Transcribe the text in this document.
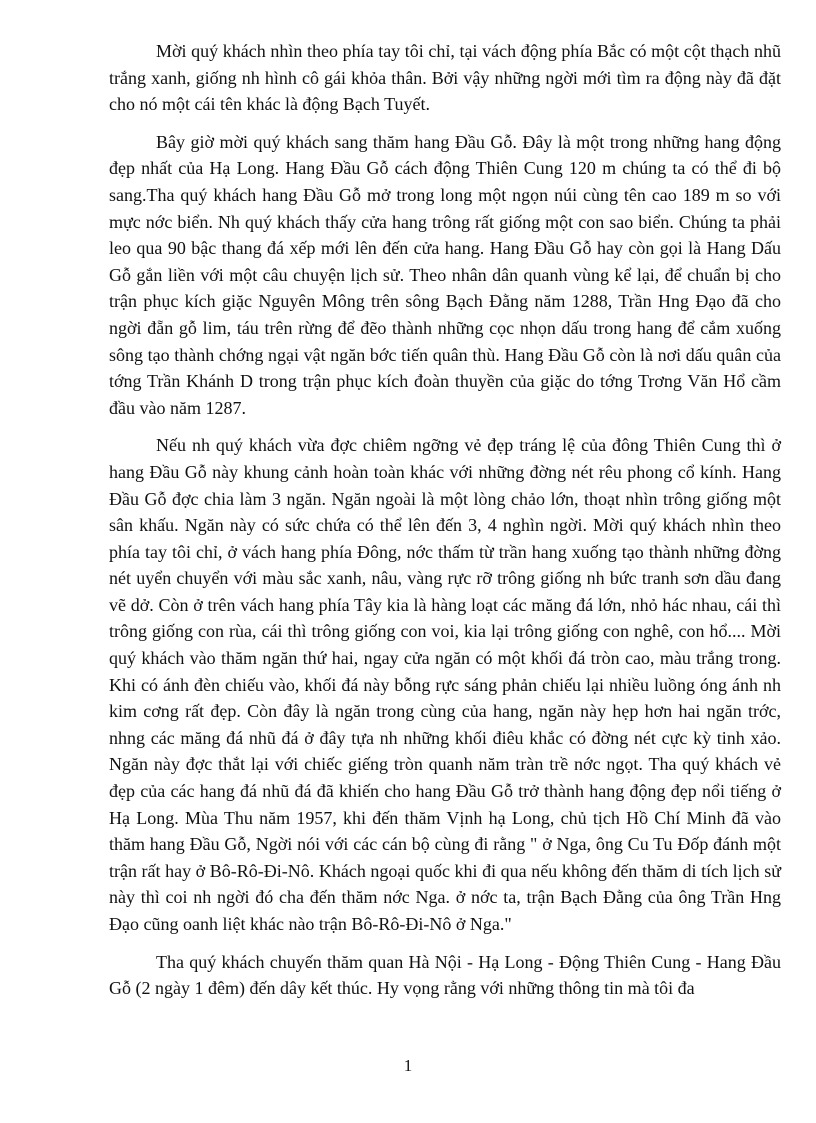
Mời quý khách nhìn theo phía tay tôi chỉ, tại vách động phía Bắc có một cột thạch nhũ trắng xanh, giống nh hình cô gái khỏa thân. Bởi vậy những ngời mới tìm ra động này đã đặt cho nó một cái tên khác là động Bạch Tuyết.

Bây giờ mời quý khách sang thăm hang Đầu Gỗ. Đây là một trong những hang động đẹp nhất của Hạ Long. Hang Đầu Gỗ cách động Thiên Cung 120 m chúng ta có thể đi bộ sang.Tha quý khách hang Đầu Gỗ mở trong long một ngọn núi cùng tên cao 189 m so với mực nớc biển. Nh quý khách thấy cửa hang trông rất giống một con sao biển. Chúng ta phải leo qua 90 bậc thang đá xếp mới lên đến cửa hang. Hang Đầu Gỗ hay còn gọi là Hang Dấu Gỗ gắn liền với một câu chuyện lịch sử. Theo nhân dân quanh vùng kể lại, để chuẩn bị cho trận phục kích giặc Nguyên Mông trên sông Bạch Đằng năm 1288, Trần Hng Đạo đã cho ngời đẵn gỗ lim, táu trên rừng để đẽo thành những cọc nhọn dấu trong hang để cắm xuống sông tạo thành chớng ngại vật ngăn bớc tiến quân thù. Hang Đầu Gỗ còn là nơi dấu quân của tớng Trần Khánh D trong trận phục kích đoàn thuyền của giặc do tớng Trơng Văn Hổ cầm đầu vào năm 1287.

Nếu nh quý khách vừa đợc chiêm ngỡng vẻ đẹp tráng lệ của đông Thiên Cung thì ở hang Đầu Gỗ này khung cảnh hoàn toàn khác với những đờng nét rêu phong cổ kính. Hang Đầu Gỗ đợc chia làm 3 ngăn. Ngăn ngoài là một lòng chảo lớn, thoạt nhìn trông giống một sân khấu. Ngăn này có sức chứa có thể lên đến 3, 4 nghìn ngời. Mời quý khách nhìn theo phía tay tôi chỉ, ở vách hang phía Đông, nớc thấm từ trần hang xuống tạo thành những đờng nét uyển chuyển với màu sắc xanh, nâu, vàng rực rỡ trông giống nh bức tranh sơn dầu đang vẽ dở. Còn ở trên vách hang phía Tây kia là hàng loạt các măng đá lớn, nhỏ hác nhau, cái thì trông giống con rùa, cái thì trông giống con voi, kia lại trông giống con nghê, con hổ.... Mời quý khách vào thăm ngăn thứ hai, ngay cửa ngăn có một khối đá tròn cao, màu trắng trong. Khi có ánh đèn chiếu vào, khối đá này bỗng rực sáng phản chiếu lại nhiều luồng óng ánh nh kim cơng rất đẹp. Còn đây là ngăn trong cùng của hang, ngăn này hẹp hơn hai ngăn trớc, nhng các măng đá nhũ đá ở đây tựa nh những khối điêu khắc có đờng nét cực kỳ tinh xảo. Ngăn này đợc thắt lại với chiếc giếng tròn quanh năm tràn trề nớc ngọt. Tha quý khách vẻ đẹp của các hang đá nhũ đá đã khiến cho hang Đầu Gỗ trở thành hang động đẹp nổi tiếng ở Hạ Long. Mùa Thu năm 1957, khi đến thăm Vịnh hạ Long, chủ tịch Hồ Chí Minh đã vào thăm hang Đầu Gỗ, Ngời nói với các cán bộ cùng đi rằng " ở Nga, ông Cu Tu Đốp đánh một trận rất hay ở Bô-Rô-Đi-Nô. Khách ngoại quốc khi đi qua nếu không đến thăm di tích lịch sử này thì coi nh ngời đó cha đến thăm nớc Nga. ở nớc ta, trận Bạch Đằng của ông Trần Hng Đạo cũng oanh liệt khác nào trận Bô-Rô-Đi-Nô ở Nga."

Tha quý khách chuyến thăm quan Hà Nội - Hạ Long - Động Thiên Cung - Hang Đầu Gỗ (2 ngày 1 đêm) đến dây kết thúc. Hy vọng rằng với những thông tin mà tôi đa

1
